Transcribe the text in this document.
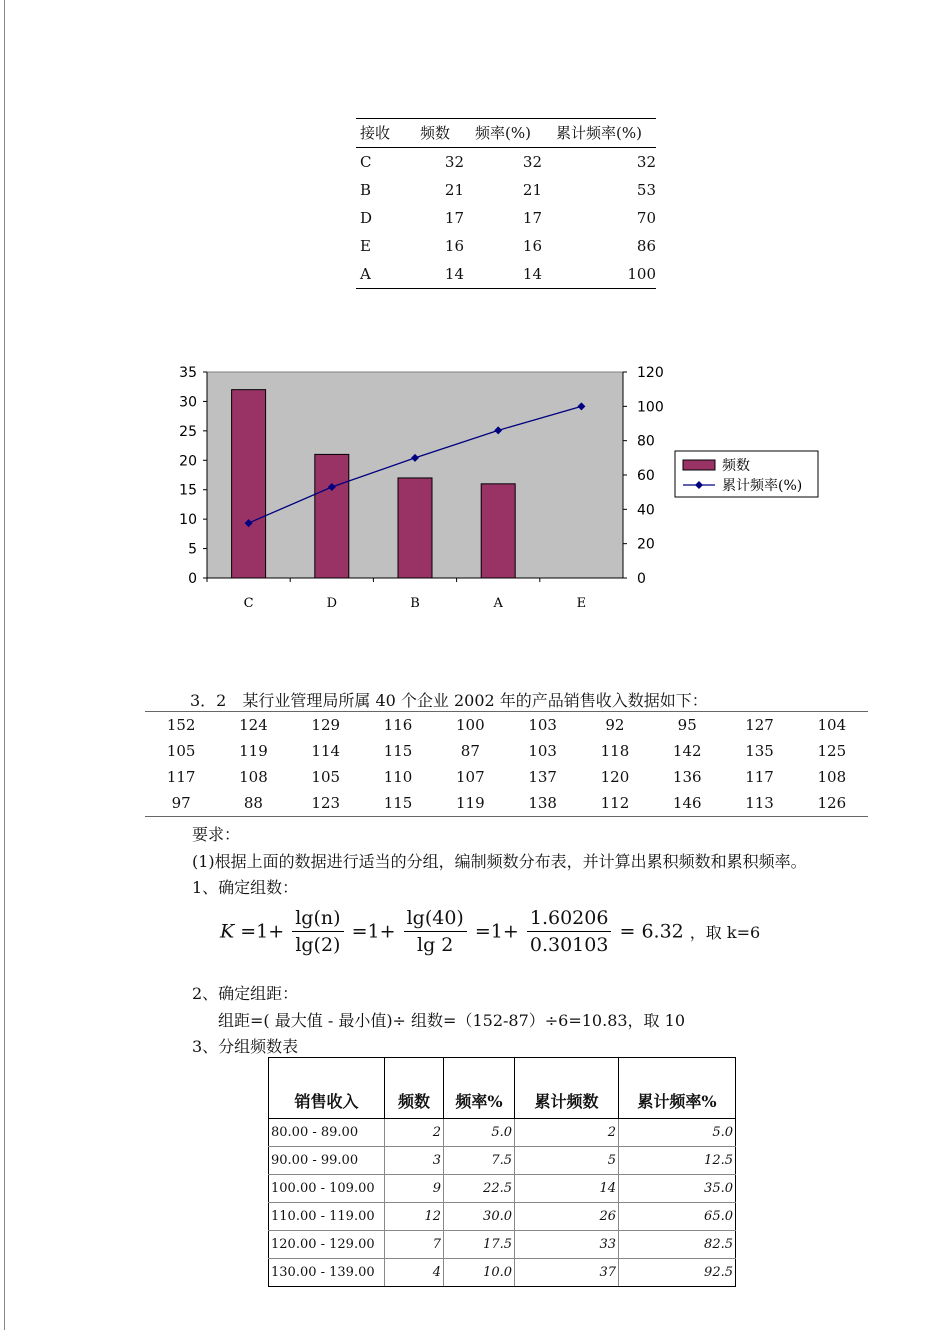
接收	频数	频率(%)	累计频率(%)
C	32	32	32
B	21	21	53
D	17	17	70
E	16	16	86
A	14	14	100
0
5
10
15
20
25
30
35
0
20
40
60
80
100
120
C	D	B	A	E
频数
累计频率(%)
3．2　某行业管理局所属 40 个企业 2002 年的产品销售收入数据如下：
152	124	129	116	100	103	92	95	127	104
105	119	114	115	87	103	118	142	135	125
117	108	105	110	107	137	120	136	117	108
97	88	123	115	119	138	112	146	113	126
要求：
(1)根据上面的数据进行适当的分组，编制频数分布表，并计算出累积频数和累积频率。
1、确定组数：
$K =1+ \frac{\lg(n)}{\lg(2)} =1+ \frac{\lg(40)}{\lg 2} =1+ \frac{1.60206}{0.30103} = 6.32$ ，取 k=6
2、确定组距：
组距=( 最大值 - 最小值)÷ 组数=（152-87）÷6=10.83，取 10
3、分组频数表
销售收入	频数	频率%	累计频数	累计频率%
80.00 - 89.00	2	5.0	2	5.0
90.00 - 99.00	3	7.5	5	12.5
100.00 - 109.00	9	22.5	14	35.0
110.00 - 119.00	12	30.0	26	65.0
120.00 - 129.00	7	17.5	33	82.5
130.00 - 139.00	4	10.0	37	92.5
